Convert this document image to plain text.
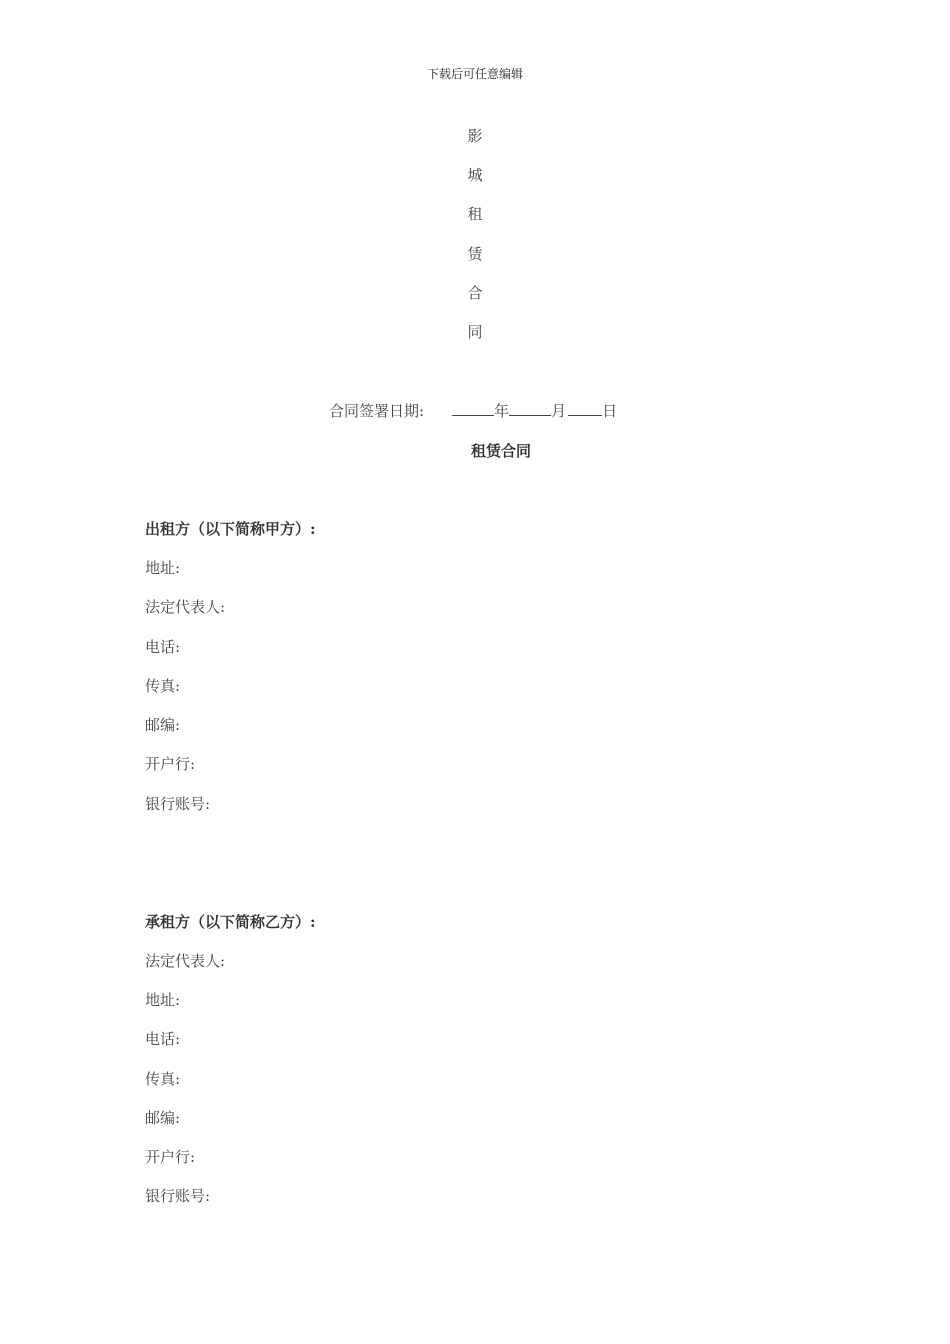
下载后可任意编辑
影
城
租
赁
合
同
合同签署日期:	年	月 日
租赁合同
出租方（以下简称甲方）:
地址:
法定代表人:
电话:
传真:
邮编:
开户行:
银行账号:
承租方（以下简称乙方）:
法定代表人:
地址:
电话:
传真:
邮编:
开户行:
银行账号:
